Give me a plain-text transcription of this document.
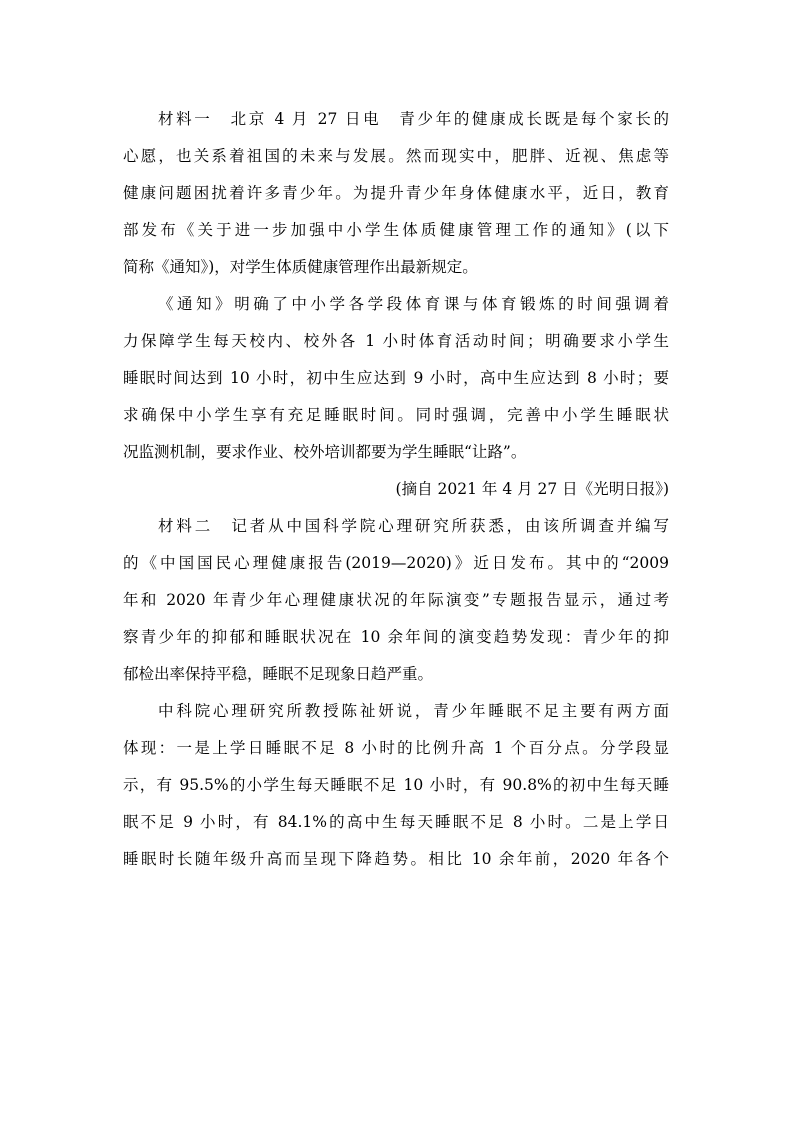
材料一　北京 4 月 27 日电　青少年的健康成长既是每个家长的
心愿，也关系着祖国的未来与发展。然而现实中，肥胖、近视、焦虑等
健康问题困扰着许多青少年。为提升青少年身体健康水平，近日，教育
部发布《关于进一步加强中小学生体质健康管理工作的通知》(以下
简称《通知》)，对学生体质健康管理作出最新规定。
《通知》明确了中小学各学段体育课与体育锻炼的时间强调着
力保障学生每天校内、校外各 1 小时体育活动时间；明确要求小学生
睡眠时间达到 10 小时，初中生应达到 9 小时，高中生应达到 8 小时；要
求确保中小学生享有充足睡眠时间。同时强调，完善中小学生睡眠状
况监测机制，要求作业、校外培训都要为学生睡眠“让路”。
(摘自 2021 年 4 月 27 日《光明日报》)
材料二　记者从中国科学院心理研究所获悉，由该所调查并编写
的《中国国民心理健康报告(2019—2020)》近日发布。其中的“2009
年和 2020 年青少年心理健康状况的年际演变”专题报告显示，通过考
察青少年的抑郁和睡眠状况在 10 余年间的演变趋势发现：青少年的抑
郁检出率保持平稳，睡眠不足现象日趋严重。
中科院心理研究所教授陈祉妍说，青少年睡眠不足主要有两方面
体现：一是上学日睡眠不足 8 小时的比例升高 1 个百分点。分学段显
示，有 95.5%的小学生每天睡眠不足 10 小时，有 90.8%的初中生每天睡
眠不足 9 小时，有 84.1%的高中生每天睡眠不足 8 小时。二是上学日
睡眠时长随年级升高而呈现下降趋势。相比 10 余年前，2020 年各个
